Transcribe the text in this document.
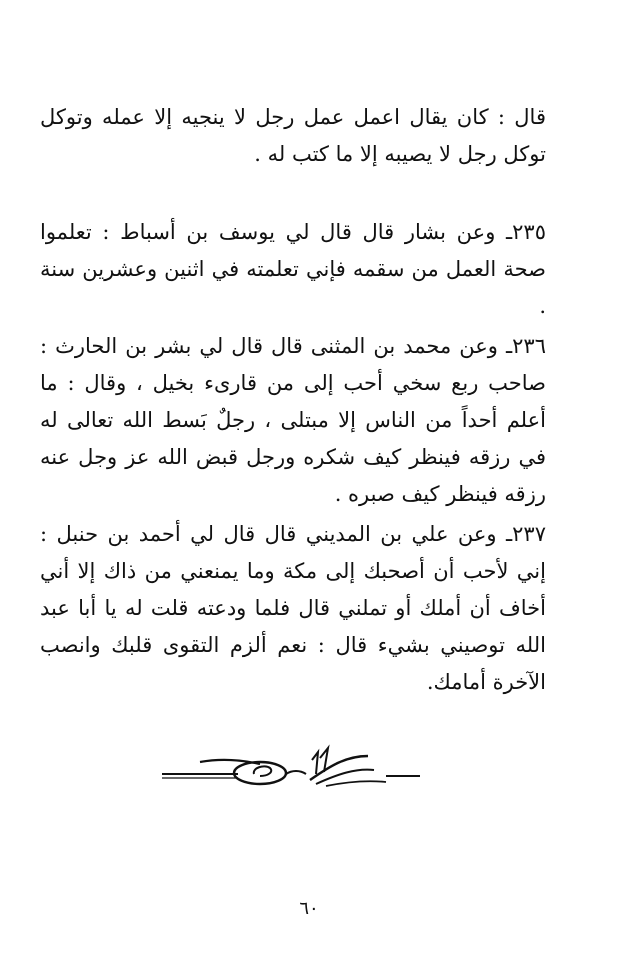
قال : كان يقال اعمل عمل رجل لا ينجيه إلا عمله وتوكل توكل رجل لا يصيبه إلا ما كتب له .

٢٣٥ـ وعن بشار قال قال لي يوسف بن أسباط : تعلموا صحة العمل من سقمه فإني تعلمته في اثنين وعشرين سنة .

٢٣٦ـ وعن محمد بن المثنى قال قال لي بشر بن الحارث : صاحب ربع سخي أحب إلى من قارىء بخيل ، وقال : ما أعلم أحداً من الناس إلا مبتلى ، رجلٌ بَسط الله تعالى له في رزقه فينظر كيف شكره ورجل قبض الله عز وجل عنه رزقه فينظر كيف صبره .

٢٣٧ـ وعن علي بن المديني قال قال لي أحمد بن حنبل : إني لأحب أن أصحبك إلى مكة وما يمنعني من ذاك إلا أني أخاف أن أملك أو تملني قال فلما ودعته قلت له يا أبا عبد الله توصيني بشيء قال : نعم ألزم التقوى قلبك وانصب الآخرة أمامك.

٦٠
